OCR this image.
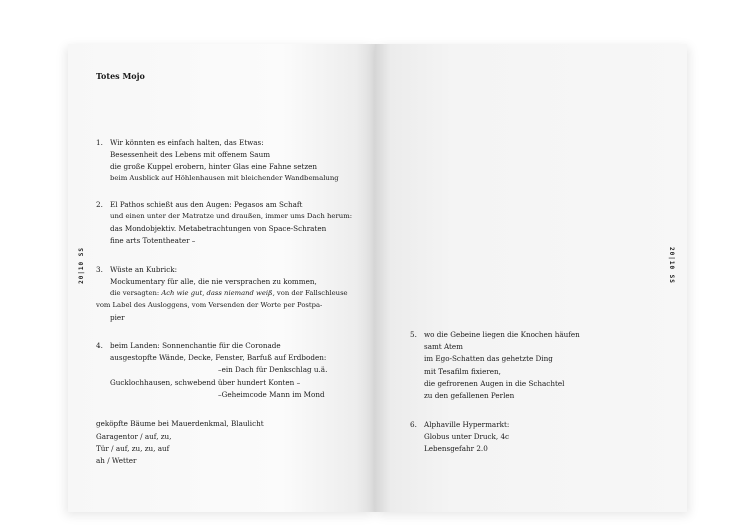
Totes Mojo
1. Wir könnten es einfach halten, das Etwas:
Besessenheit des Lebens mit offenem Saum
die große Kuppel erobern, hinter Glas eine Fahne setzen
beim Ausblick auf Höhlenhausen mit bleichender Wandbemalung
2. El Pathos schießt aus den Augen: Pegasos am Schaft
und einen unter der Matratze und draußen, immer ums Dach herum:
das Mondobjektiv. Metabetrachtungen von Space-Schraten
fine arts Totentheater –
3. Wüste an Kubrick:
Mockumentary für alle, die nie versprachen zu kommen,
die versagten: Ach wie gut, dass niemand weiß, von der Fallschleuse
vom Label des Ausloggens, vom Versenden der Worte per Postpa-
pier
4. beim Landen: Sonnenchantie für die Coronade
ausgestopfte Wände, Decke, Fenster, Barfuß auf Erdboden:
–ein Dach für Denkschlag u.ä.
Gucklochhausen, schwebend über hundert Konten –
–Geheimcode Mann im Mond
geköpfte Bäume bei Mauerdenkmal, Blaulicht
Garagentor / auf, zu,
Tür / auf, zu, zu, auf
ah / Wetter
20|10 SS
5. wo die Gebeine liegen die Knochen häufen
samt Atem
im Ego-Schatten das gehetzte Ding
mit Tesafilm fixieren,
die gefrorenen Augen in die Schachtel
zu den gefallenen Perlen
6. Alphaville Hypermarkt:
Globus unter Druck, 4c
Lebensgefahr 2.0
20|10 SS
